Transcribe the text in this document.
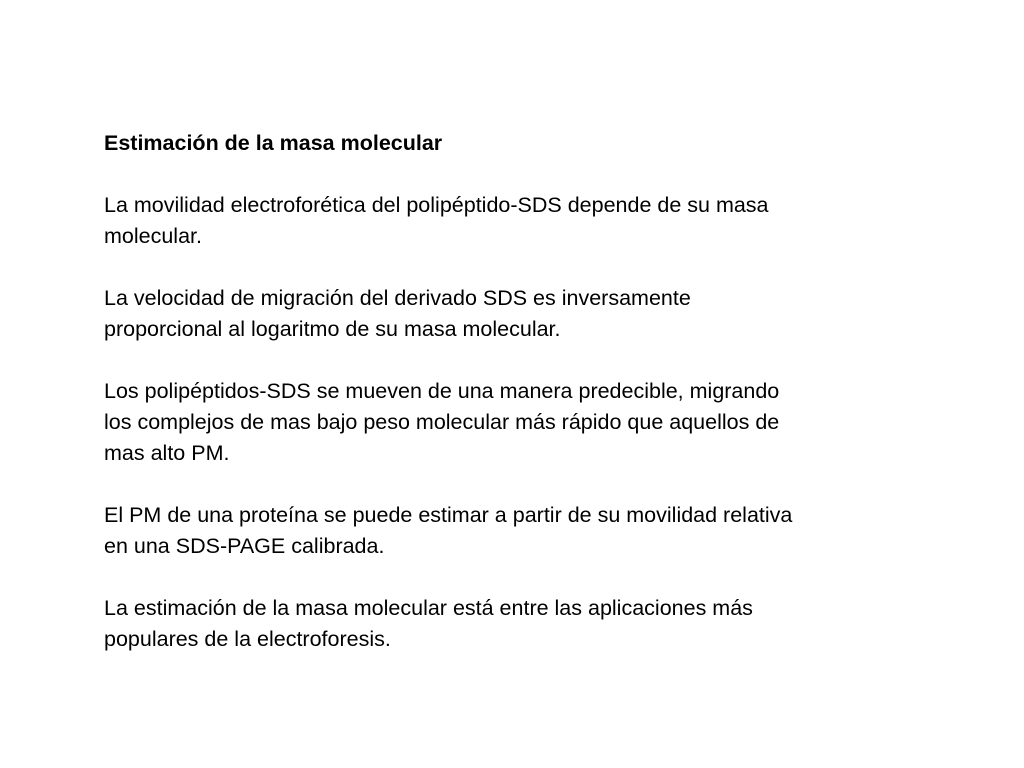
Estimación de la masa molecular

La movilidad electroforética del polipéptido-SDS depende de su masa
molecular.

La velocidad de migración del derivado SDS es inversamente
proporcional al logaritmo de su masa molecular.

Los polipéptidos-SDS se mueven de una manera predecible, migrando
los complejos de mas bajo peso molecular más rápido que aquellos de
mas alto PM.

El PM de una proteína se puede estimar a partir de su movilidad relativa
en una SDS-PAGE calibrada.

La estimación de la masa molecular está entre las aplicaciones más
populares de la electroforesis.
